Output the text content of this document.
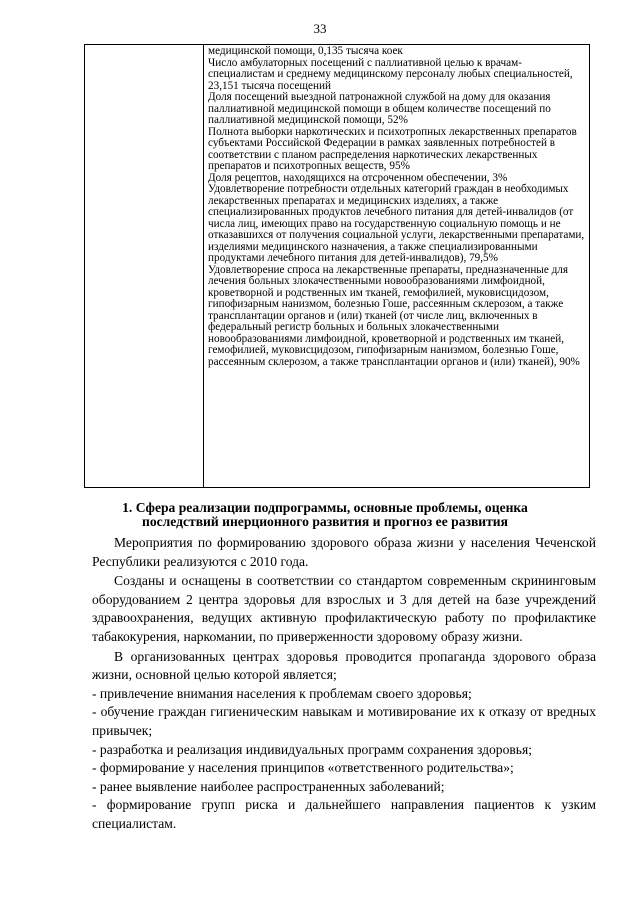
33

медицинской помощи, 0,135 тысяча коек

Число амбулаторных посещений с паллиативной целью к врачам-специалистам и среднему медицинскому персоналу любых специальностей, 23,151 тысяча посещений

Доля посещений выездной патронажной службой на дому для оказания паллиативной медицинской помощи в общем количестве посещений по паллиативной медицинской помощи, 52%

Полнота выборки наркотических и психотропных лекарственных препаратов субъектами Российской Федерации в рамках заявленных потребностей в соответствии с планом распределения наркотических лекарственных препаратов и психотропных веществ, 95%

Доля рецептов, находящихся на отсроченном обеспечении, 3%

Удовлетворение потребности отдельных категорий граждан в необходимых лекарственных препаратах и медицинских изделиях, а также специализированных продуктов лечебного питания для детей-инвалидов (от числа лиц, имеющих право на государственную социальную помощь и не отказавшихся от получения социальной услуги, лекарственными препаратами, изделиями медицинского назначения, а также специализированными продуктами лечебного питания для детей-инвалидов), 79,5%

Удовлетворение спроса на лекарственные препараты, предназначенные для лечения больных злокачественными новообразованиями лимфоидной, кроветворной и родственных им тканей, гемофилией, муковисцидозом, гипофизарным нанизмом, болезнью Гоше, рассеянным склерозом, а также трансплантации органов и (или) тканей (от числе лиц, включенных в федеральный регистр больных и больных злокачественными новообразованиями лимфоидной, кроветворной и родственных им тканей, гемофилией, муковисцидозом, гипофизарным нанизмом, болезнью Гоше, рассеянным склерозом, а также трансплантации органов и (или) тканей), 90%

1. Сфера реализации подпрограммы, основные проблемы, оценка последствий инерционного развития и прогноз ее развития

Мероприятия по формированию здорового образа жизни у населения Чеченской Республики реализуются с 2010 года.

Созданы и оснащены в соответствии со стандартом современным скрининговым оборудованием 2 центра здоровья для взрослых и 3 для детей на базе учреждений здравоохранения, ведущих активную профилактическую работу по профилактике табакокурения, наркомании, по приверженности здоровому образу жизни.

В организованных центрах здоровья проводится пропаганда здорового образа жизни, основной целью которой является;

- привлечение внимания населения к проблемам своего здоровья;

- обучение граждан гигиеническим навыкам и мотивирование их к отказу от вредных привычек;

- разработка и реализация индивидуальных программ сохранения здоровья;

- формирование у населения принципов «ответственного родительства»;

- ранее выявление наиболее распространенных заболеваний;

- формирование групп риска и дальнейшего направления пациентов к узким специалистам.
